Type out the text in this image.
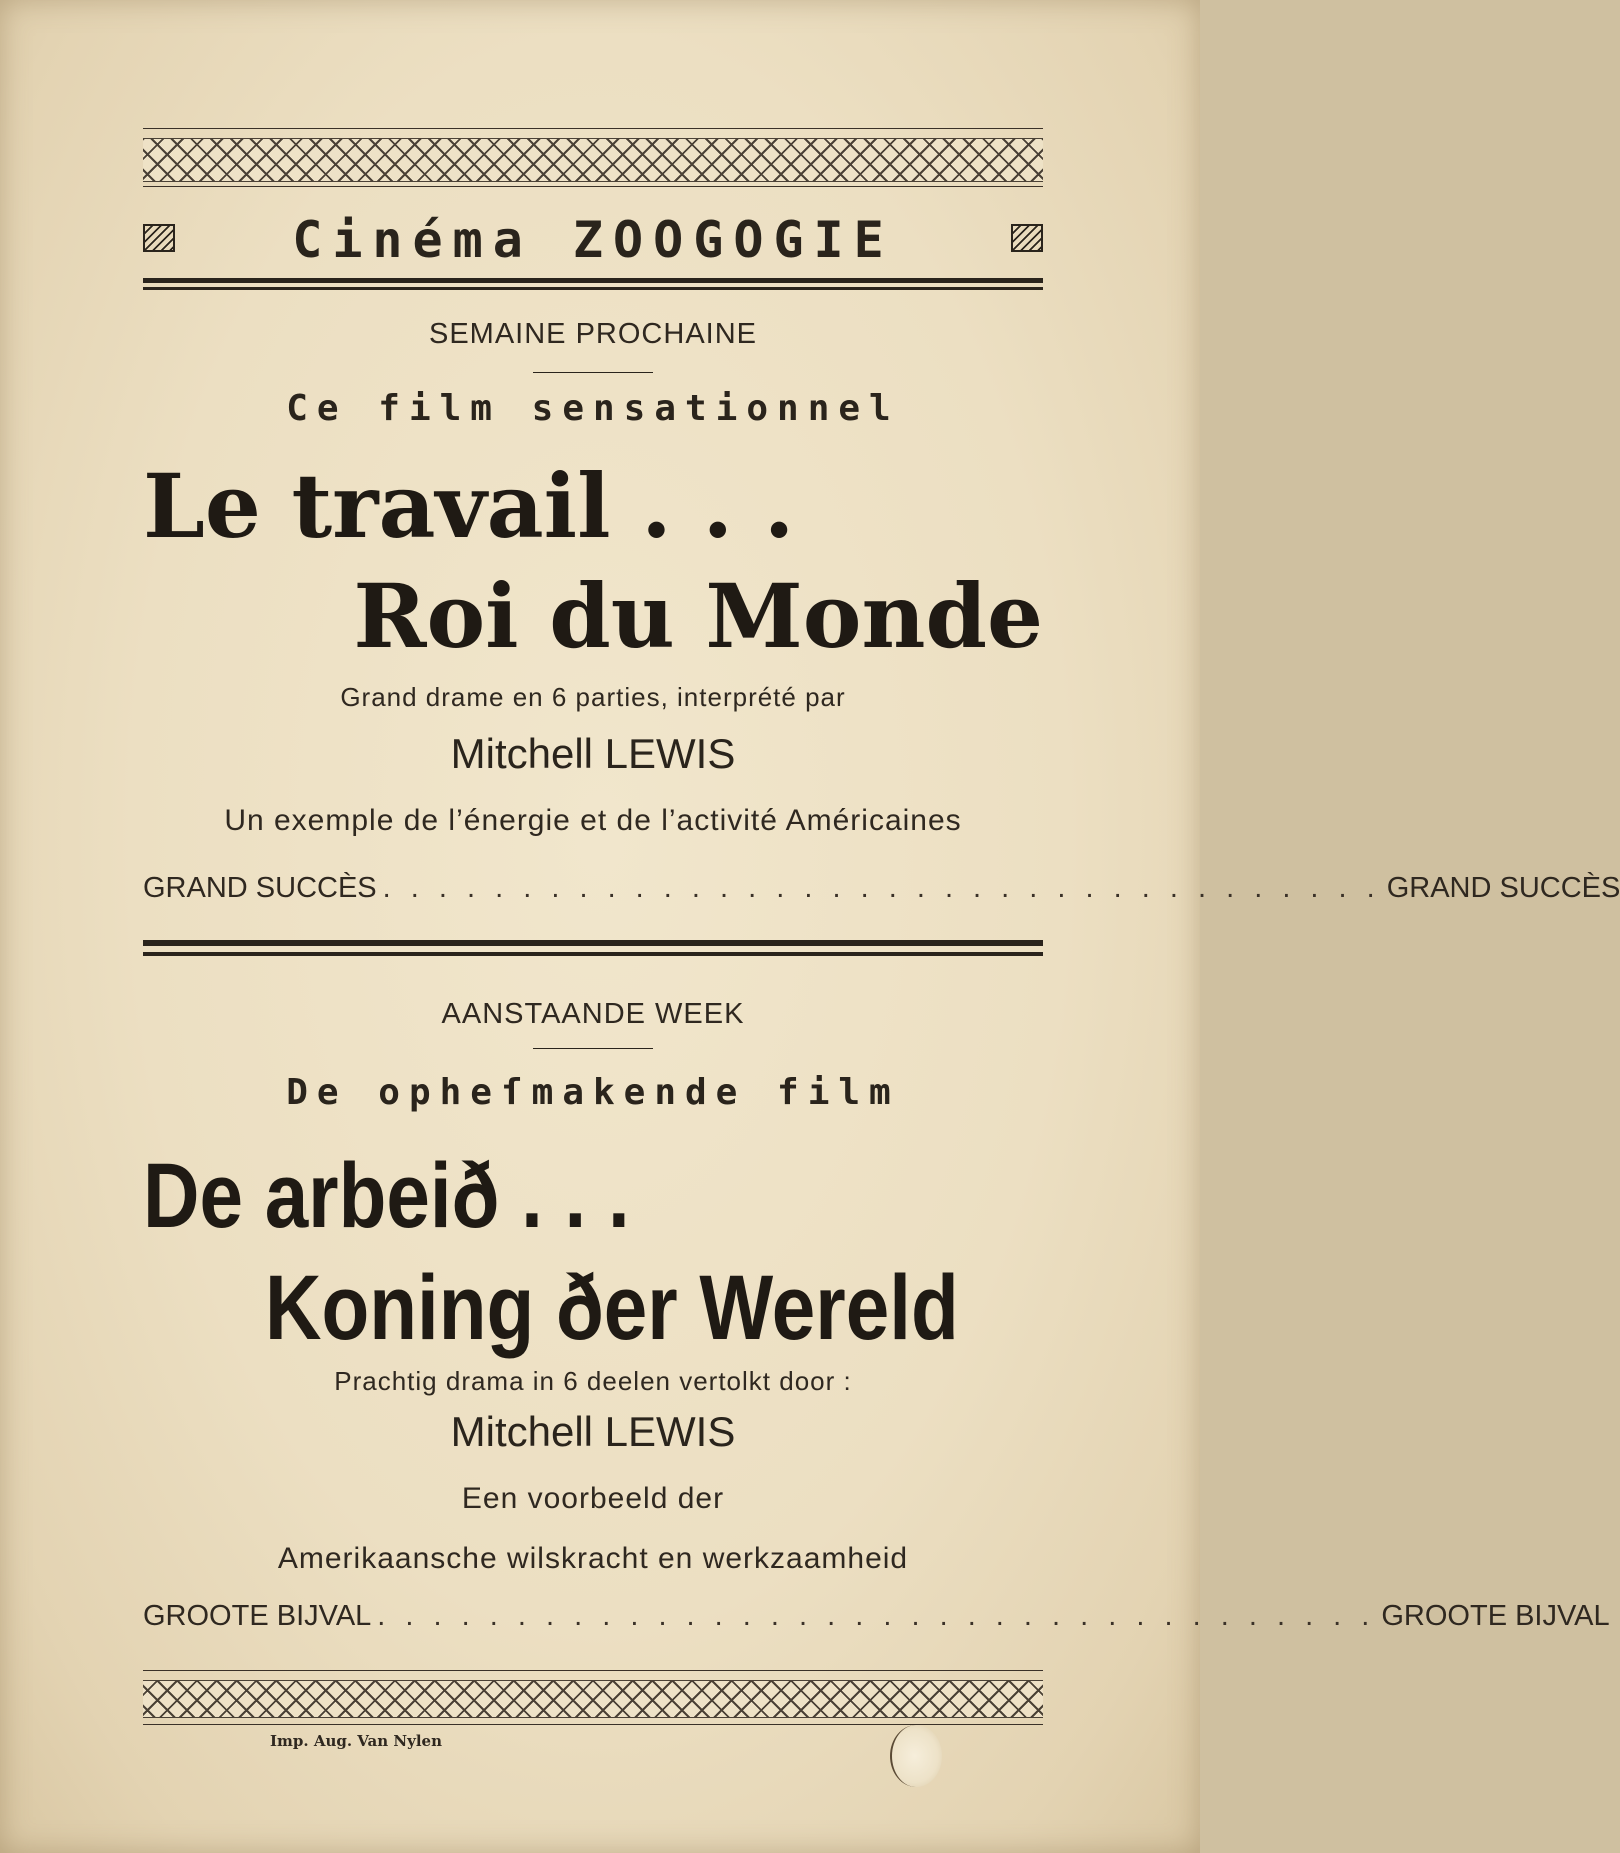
Cinéma ZOOGOGIE
SEMAINE PROCHAINE
Ce film sensationnel
Le travail . . .
Roi du Monde
Grand drame en 6 parties, interprété par
Mitchell LEWIS
Un exemple de l’énergie et de l’activité Américaines
GRAND SUCCÈS . . . . . . . . . . . . . . . . . . . . . . . . . . . . . . . . . . . . GRAND SUCCÈS
AANSTAANDE WEEK
De opheſmakende film
De arbeið . . .
Koning ðer Wereld
Prachtig drama in 6 deelen vertolkt door :
Mitchell LEWIS
Een voorbeeld der
Amerikaansche wilskracht en werkzaamheid
GROOTE BIJVAL . . . . . . . . . . . . . . . . . . . . . . . . . . . . . . . . . . . . GROOTE BIJVAL
Imp. Aug. Van Nylen
